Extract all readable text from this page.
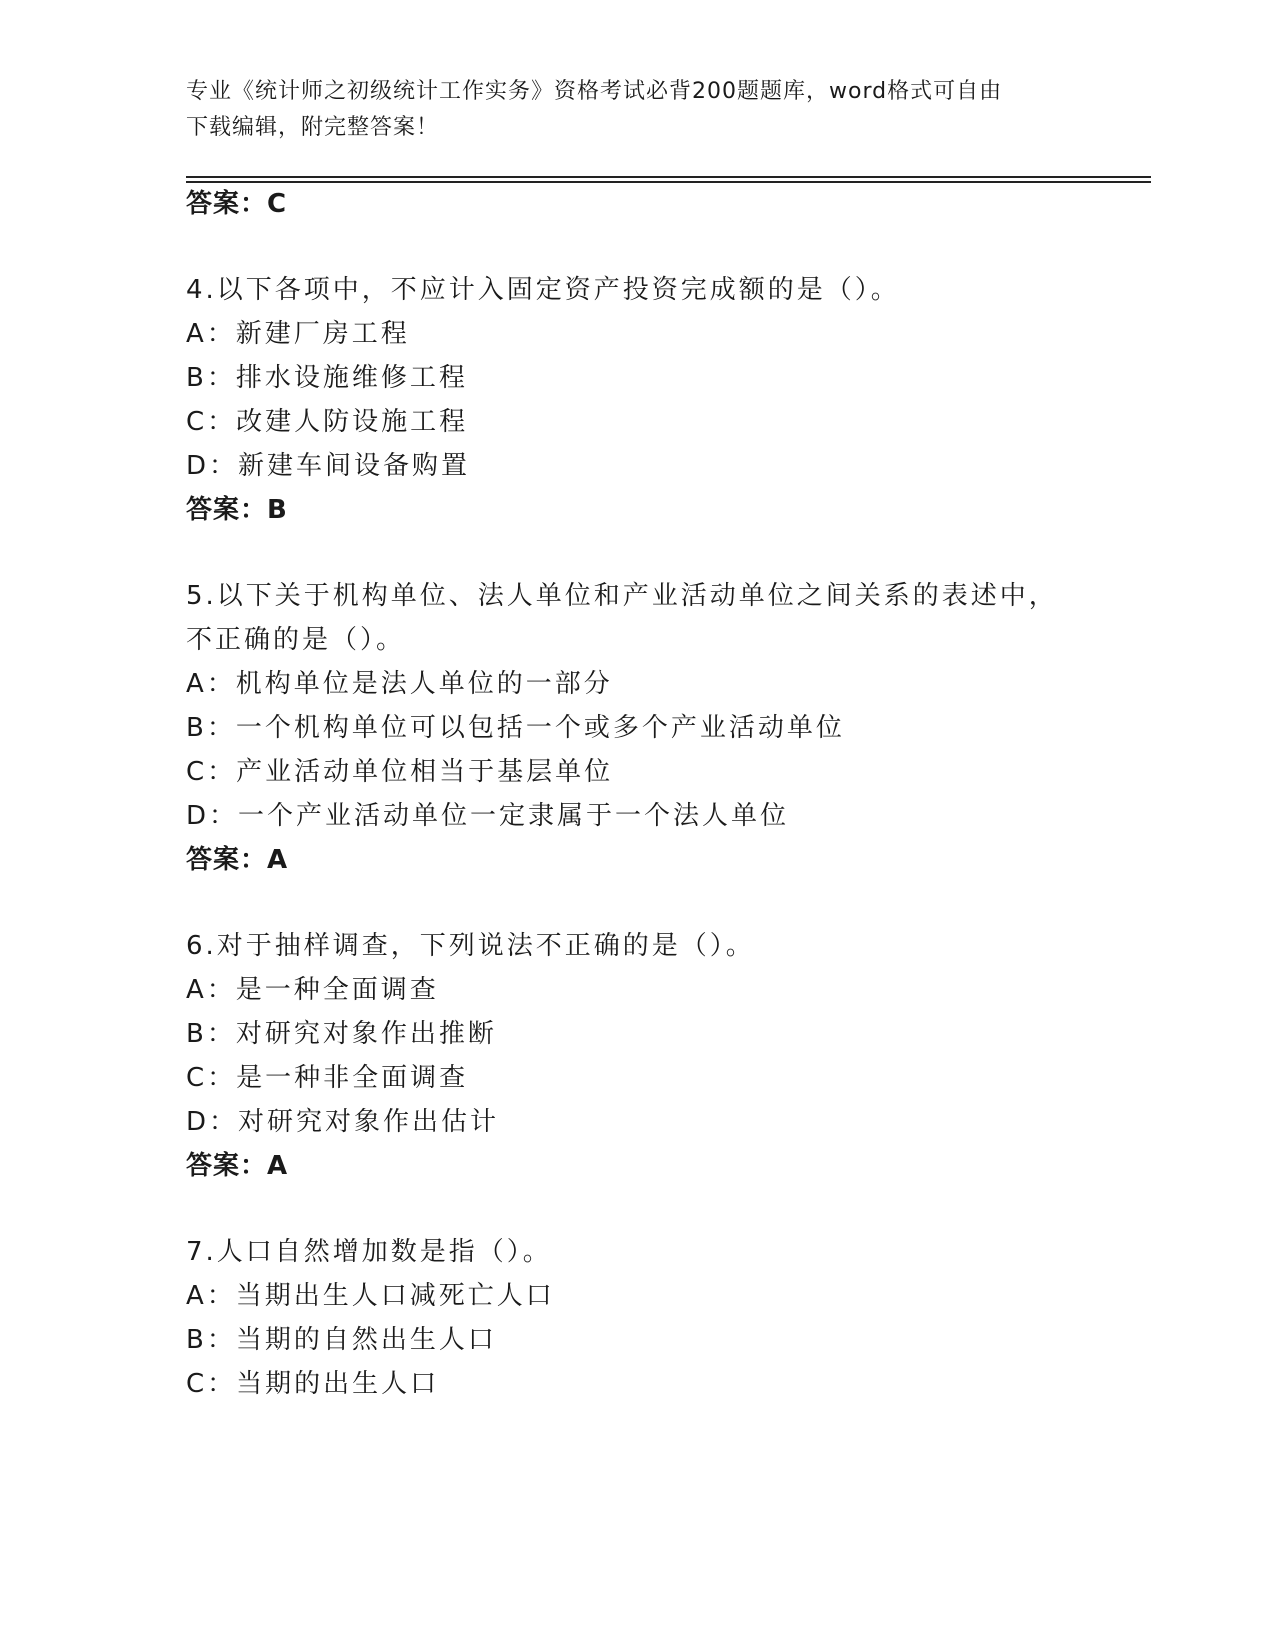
专业《统计师之初级统计工作实务》资格考试必背200题题库，word格式可自由
下载编辑，附完整答案！
答案：C
4.以下各项中，不应计入固定资产投资完成额的是（）。
A：新建厂房工程
B：排水设施维修工程
C：改建人防设施工程
D：新建车间设备购置
答案：B
5.以下关于机构单位、法人单位和产业活动单位之间关系的表述中，
不正确的是（）。
A：机构单位是法人单位的一部分
B：一个机构单位可以包括一个或多个产业活动单位
C：产业活动单位相当于基层单位
D：一个产业活动单位一定隶属于一个法人单位
答案：A
6.对于抽样调查，下列说法不正确的是（）。
A：是一种全面调查
B：对研究对象作出推断
C：是一种非全面调查
D：对研究对象作出估计
答案：A
7.人口自然增加数是指（）。
A：当期出生人口减死亡人口
B：当期的自然出生人口
C：当期的出生人口
